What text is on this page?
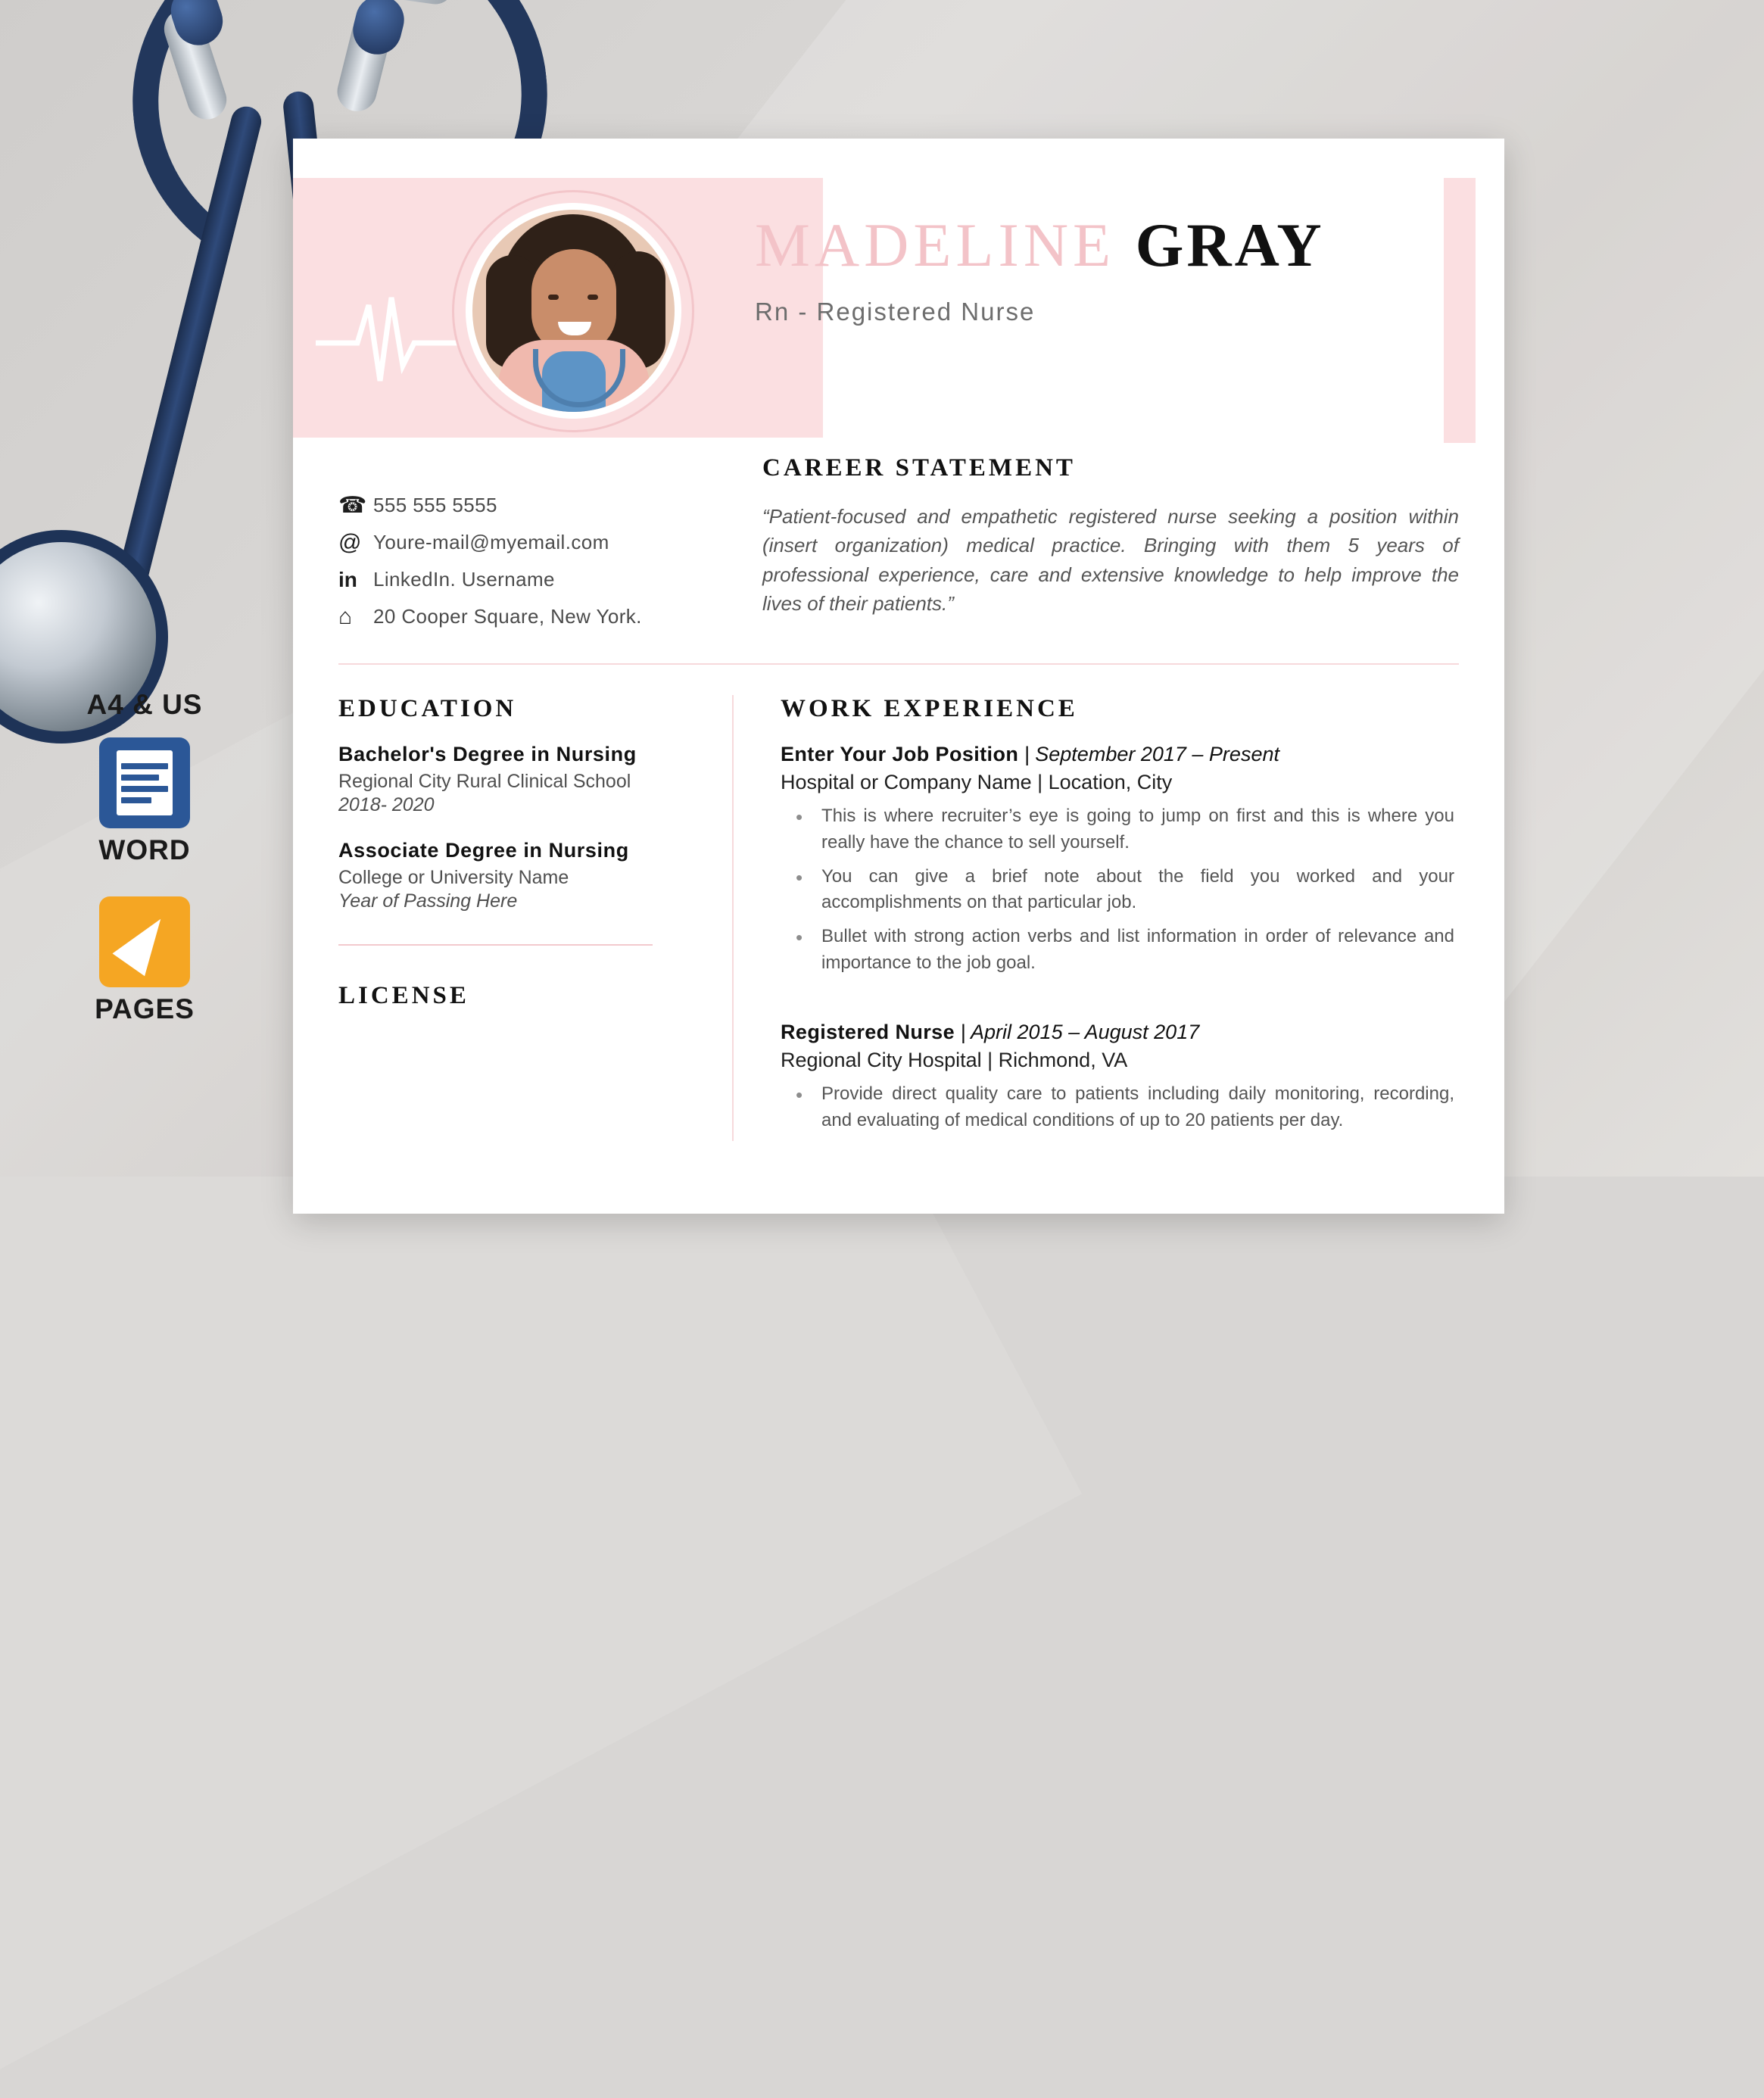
A4 & US
WORD
PAGES
MADELINE GRAY
Rn - Registered Nurse
☎ 555 555 5555
@ Youre-mail@myemail.com
in LinkedIn. Username
⌂	20 Cooper Square, New York.
CAREER STATEMENT
“Patient-focused and empathetic registered nurse seeking a position within (insert organization) medical practice. Bringing with them 5 years of professional experience, care and extensive knowledge to help improve the lives of their patients.”
EDUCATION
Bachelor's Degree in Nursing
Regional City Rural Clinical School
2018- 2020
Associate Degree in Nursing
College or University Name
Year of Passing Here
LICENSE
WORK EXPERIENCE
Enter Your Job Position | September 2017 – Present
Hospital or Company Name | Location, City
• This is where recruiter’s eye is going to jump on first and this is where you really have the chance to sell yourself.
• You can give a brief note about the field you worked and your accomplishments on that particular job.
• Bullet with strong action verbs and list information in order of relevance and importance to the job goal.
Registered Nurse | April 2015 – August 2017
Regional City Hospital | Richmond, VA
• Provide direct quality care to patients including daily monitoring, recording, and evaluating of medical conditions of up to 20 patients per day.
